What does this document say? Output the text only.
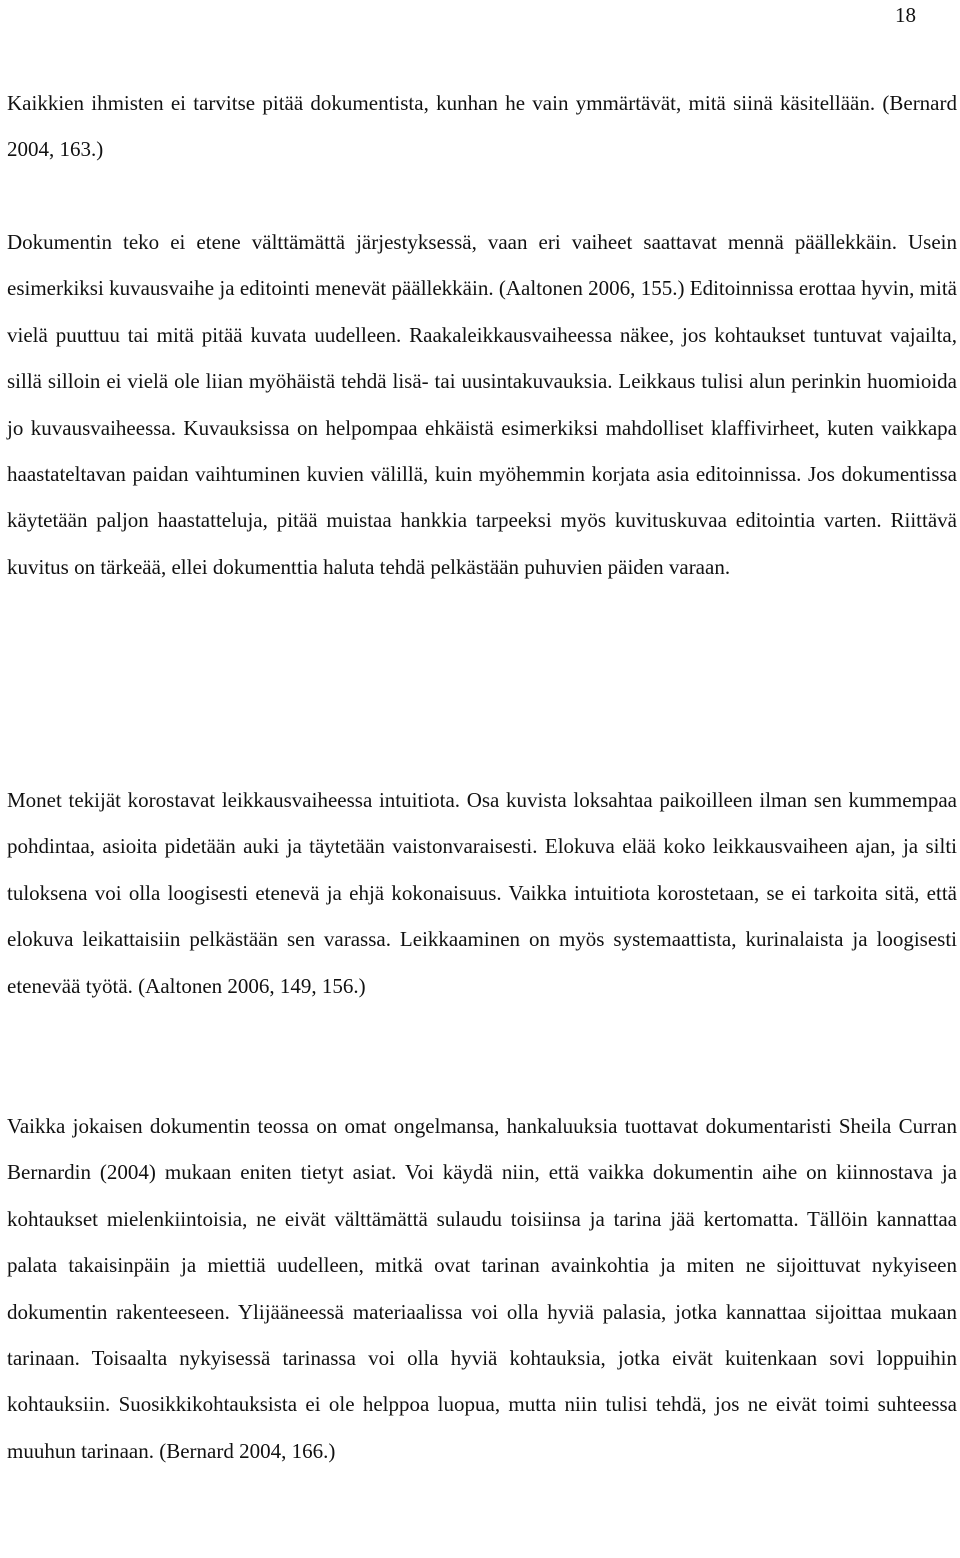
18

Kaikkien ihmisten ei tarvitse pitää dokumentista, kunhan he vain ymmärtävät, mitä siinä käsitellään. (Bernard 2004, 163.)

Dokumentin teko ei etene välttämättä järjestyksessä, vaan eri vaiheet saattavat mennä päällekkäin. Usein esimerkiksi kuvausvaihe ja editointi menevät päällekkäin. (Aaltonen 2006, 155.) Editoinnissa erottaa hyvin, mitä vielä puuttuu tai mitä pitää kuvata uudelleen. Raakaleikkausvaiheessa näkee, jos kohtaukset tuntuvat vajailta, sillä silloin ei vielä ole liian myöhäistä tehdä lisä- tai uusintakuvauksia. Leikkaus tulisi alun perinkin huomioida jo kuvausvaiheessa. Kuvauksissa on helpompaa ehkäistä esimerkiksi mahdolliset klaffivirheet, kuten vaikkapa haastateltavan paidan vaihtuminen kuvien välillä, kuin myöhemmin korjata asia editoinnissa. Jos dokumentissa käytetään paljon haastatteluja, pitää muistaa hankkia tarpeeksi myös kuvituskuvaa editointia varten. Riittävä kuvitus on tärkeää, ellei dokumenttia haluta tehdä pelkästään puhuvien päiden varaan.

Monet tekijät korostavat leikkausvaiheessa intuitiota. Osa kuvista loksahtaa paikoilleen ilman sen kummempaa pohdintaa, asioita pidetään auki ja täytetään vaistonvaraisesti. Elokuva elää koko leikkausvaiheen ajan, ja silti tuloksena voi olla loogisesti etenevä ja ehjä kokonaisuus. Vaikka intuitiota korostetaan, se ei tarkoita sitä, että elokuva leikattaisiin pelkästään sen varassa. Leikkaaminen on myös systemaattista, kurinalaista ja loogisesti etenevää työtä. (Aaltonen 2006, 149, 156.)

Vaikka jokaisen dokumentin teossa on omat ongelmansa, hankaluuksia tuottavat dokumentaristi Sheila Curran Bernardin (2004) mukaan eniten tietyt asiat. Voi käydä niin, että vaikka dokumentin aihe on kiinnostava ja kohtaukset mielenkiintoisia, ne eivät välttämättä sulaudu toisiinsa ja tarina jää kertomatta. Tällöin kannattaa palata takaisinpäin ja miettiä uudelleen, mitkä ovat tarinan avainkohtia ja miten ne sijoittuvat nykyiseen dokumentin rakenteeseen. Ylijääneessä materiaalissa voi olla hyviä palasia, jotka kannattaa sijoittaa mukaan tarinaan. Toisaalta nykyisessä tarinassa voi olla hyviä kohtauksia, jotka eivät kuitenkaan sovi loppuihin kohtauksiin. Suosikkikohtauksista ei ole helppoa luopua, mutta niin tulisi tehdä, jos ne eivät toimi suhteessa muuhun tarinaan. (Bernard 2004, 166.)
